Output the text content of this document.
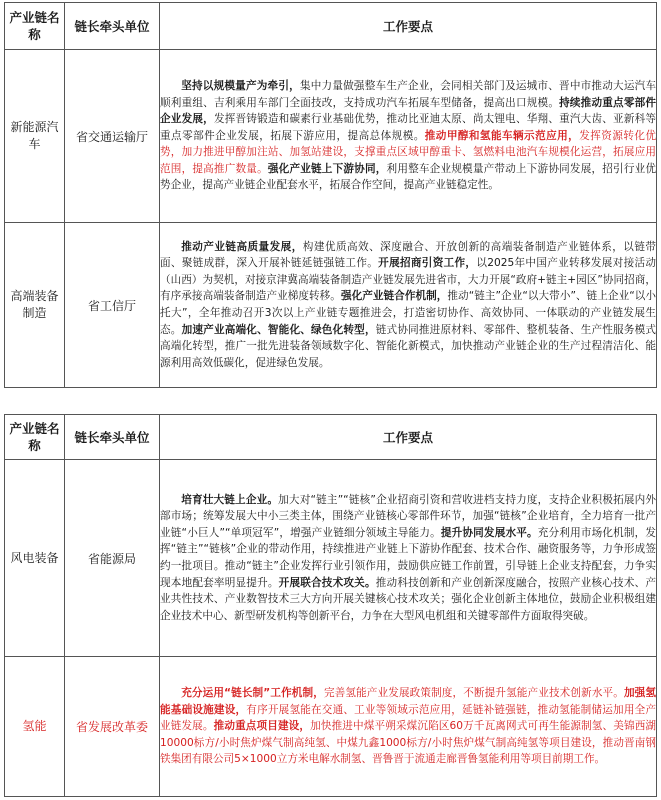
产业链名称	链长牵头单位	工作要点
新能源汽车	省交通运输厅	坚持以规模量产为牵引，集中力量做强整车生产企业，会同相关部门及运城市、晋中市推动大运汽车顺利重组、吉利乘用车部门全面技改，支持成功汽车拓展车型储备，提高出口规模。持续推动重点零部件企业发展，发挥晋铸锻造和碳素行业基础优势，推动比亚迪太原、尚太锂电、华翔、重汽大齿、亚新科等重点零部件企业发展，拓展下游应用，提高总体规模。推动甲醇和氢能车辆示范应用，发挥资源转化优势，加力推进甲醇加注站、加氢站建设，支撑重点区域甲醇重卡、氢燃料电池汽车规模化运营，拓展应用范围，提高推广数量。强化产业链上下游协同，利用整车企业规模量产带动上下游协同发展，招引行业优势企业，提高产业链企业配套水平，拓展合作空间，提高产业链稳定性。
高端装备制造	省工信厅	推动产业链高质量发展，构建优质高效、深度融合、开放创新的高端装备制造产业链体系，以链带面、聚链成群，深入开展补链延链强链工作。开展招商引资工作，以2025年中国产业转移发展对接活动（山西）为契机，对接京津冀高端装备制造产业链发展先进省市，大力开展“政府+链主+园区”协同招商，有序承接高端装备制造产业梯度转移。强化产业链合作机制，推动“链主”企业“以大带小”、链上企业“以小托大”，全年推动召开3次以上产业链专题推进会，打造密切协作、高效协同、一体联动的产业链发展生态。加速产业高端化、智能化、绿色化转型，链式协同推进原材料、零部件、整机装备、生产性服务模式高端化转型，推广一批先进装备领域数字化、智能化新模式，加快推动产业链企业的生产过程清洁化、能源利用高效低碳化，促进绿色发展。
产业链名称	链长牵头单位	工作要点
风电装备	省能源局	培育壮大链上企业。加大对“链主”“链核”企业招商引资和营收进档支持力度，支持企业积极拓展内外部市场；统筹发展大中小三类主体，围绕产业链核心零部件环节，加强“链核”企业培育，全力培育一批产业链“小巨人”“单项冠军”，增强产业链细分领域主导能力。提升协同发展水平。充分利用市场化机制，发挥“链主”“链核”企业的带动作用，持续推进产业链上下游协作配套、技术合作、融资服务等，力争形成签约一批项目。推动“链主”企业发挥行业引领作用，鼓励供应链工作前置，引导链上企业支持配套，力争实现本地配套率明显提升。开展联合技术攻关。推动科技创新和产业创新深度融合，按照产业核心技术、产业共性技术、产业数智技术三大方向开展关键核心技术攻关；强化企业创新主体地位，鼓励企业积极组建企业技术中心、新型研发机构等创新平台，力争在大型风电机组和关键零部件方面取得突破。
氢能	省发展改革委	充分运用“链长制”工作机制，完善氢能产业发展政策制度，不断提升氢能产业技术创新水平。加强氢能基础设施建设，有序开展氢能在交通、工业等领域示范应用，延链补链强链，推动氢能制储运加用全产业链发展。推动重点项目建设，加快推进中煤平朔采煤沉陷区60万千瓦离网式可再生能源制氢、美锦西湖10000标方/小时焦炉煤气制高纯氢、中煤九鑫1000标方/小时焦炉煤气制高纯氢等项目建设，推动晋南钢铁集团有限公司5×1000立方米电解水制氢、晋鲁晋于流通走廊晋鲁氢能利用等项目前期工作。
